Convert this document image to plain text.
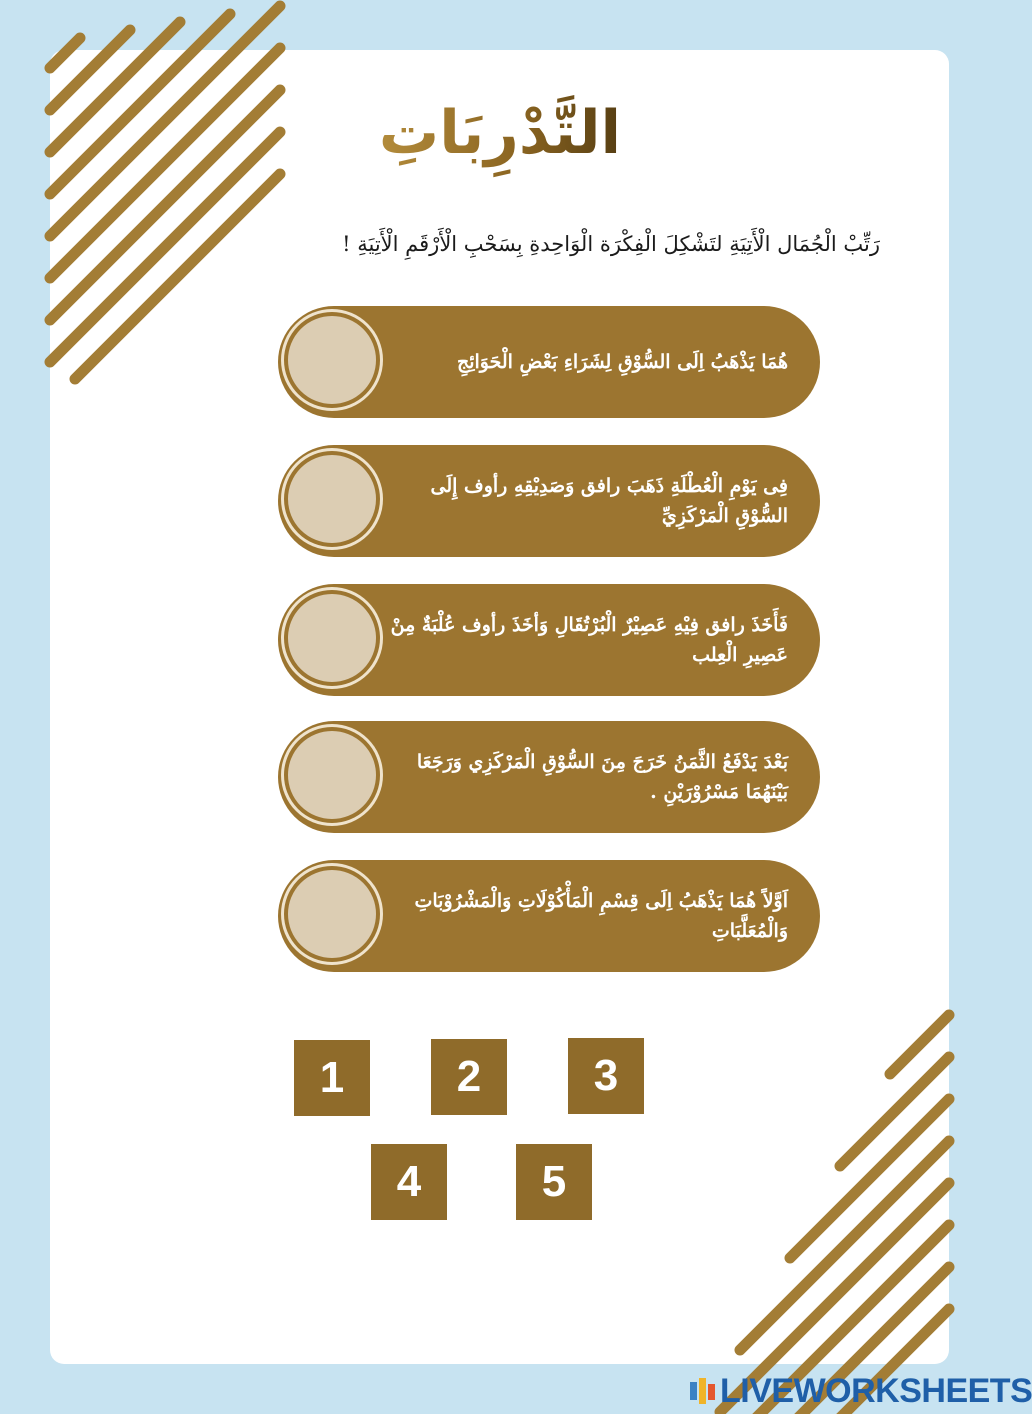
التَّدْرِبَاتِ
رَتِّبْ الْجُمَال الْأَتِيَةِ لتَشْكِلَ الْفِكْرَة الْوَاحِدةِ بِسَحْبِ الْأَرْقَمِ الْأَتِيَةِ !
هُمَا يَذْهَبُ اِلَى السُّوْقِ لِشَرَاءِ بَعْضِ الْحَوَائِجِ
فِى يَوْمِ الْعُطْلَةِ ذَهَبَ رافق وَصَدِيْقِهِ رأوف إِلَى السُّوْقِ الْمَرْكَزِيِّ
فَأَخَذَ رافق فِيْهِ عَصِيْرٌ الْبُرْتُقَالِ وَأخَذَ رأوف عُلْبَةٌ مِنْ عَصِيرِ الْعِلب
بَعْدَ يَدْفَعُ الثَّمَنُ خَرَجَ مِنَ السُّوْقِ الْمَرْكَزِي وَرَجَعَا بَيْنَهُمَا مَسْرُوْرَيْنِ .
اَوَّلاً هُمَا يَذْهَبُ اِلَى قِسْمِ الْمَأْكُوْلَاتِ وَالْمَشْرُوْبَاتِ وَالْمُعَلَّبَاتِ
1	2	3
4	5
LIVEWORKSHEETS
